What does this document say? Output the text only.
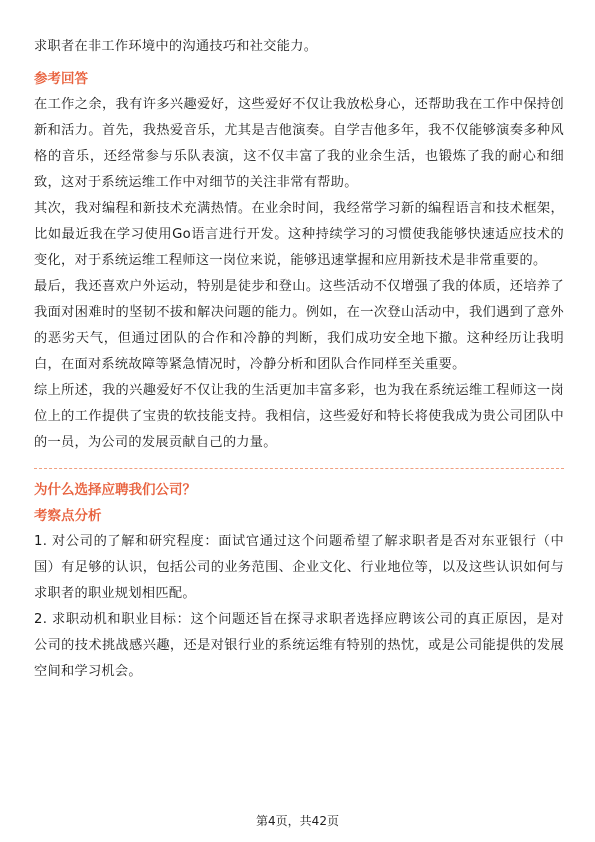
求职者在非工作环境中的沟通技巧和社交能力。

参考回答

在工作之余，我有许多兴趣爱好，这些爱好不仅让我放松身心，还帮助我在工作中保持创新和活力。首先，我热爱音乐，尤其是吉他演奏。自学吉他多年，我不仅能够演奏多种风格的音乐，还经常参与乐队表演，这不仅丰富了我的业余生活，也锻炼了我的耐心和细致，这对于系统运维工作中对细节的关注非常有帮助。

其次，我对编程和新技术充满热情。在业余时间，我经常学习新的编程语言和技术框架，比如最近我在学习使用Go语言进行开发。这种持续学习的习惯使我能够快速适应技术的变化，对于系统运维工程师这一岗位来说，能够迅速掌握和应用新技术是非常重要的。

最后，我还喜欢户外运动，特别是徒步和登山。这些活动不仅增强了我的体质，还培养了我面对困难时的坚韧不拔和解决问题的能力。例如，在一次登山活动中，我们遇到了意外的恶劣天气，但通过团队的合作和冷静的判断，我们成功安全地下撤。这种经历让我明白，在面对系统故障等紧急情况时，冷静分析和团队合作同样至关重要。

综上所述，我的兴趣爱好不仅让我的生活更加丰富多彩，也为我在系统运维工程师这一岗位上的工作提供了宝贵的软技能支持。我相信，这些爱好和特长将使我成为贵公司团队中的一员，为公司的发展贡献自己的力量。

为什么选择应聘我们公司？

考察点分析

1. 对公司的了解和研究程度：面试官通过这个问题希望了解求职者是否对东亚银行（中国）有足够的认识，包括公司的业务范围、企业文化、行业地位等，以及这些认识如何与求职者的职业规划相匹配。

2. 求职动机和职业目标：这个问题还旨在探寻求职者选择应聘该公司的真正原因，是对公司的技术挑战感兴趣，还是对银行业的系统运维有特别的热忱，或是公司能提供的发展空间和学习机会。

第4页，共42页
